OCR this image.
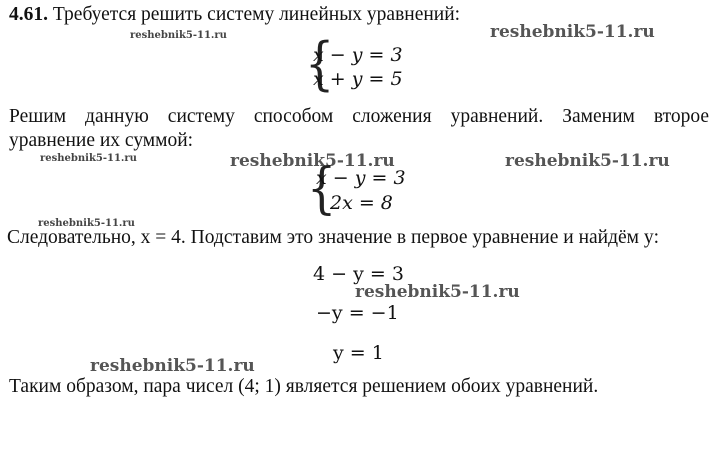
4.61. Требуется решить систему линейных уравнений:
reshebnik5-11.ru	reshebnik5-11.ru
{
x − y = 3
x + y = 5
Решим данную систему способом сложения уравнений. Заменим второе
уравнение их суммой:
reshebnik5-11.ru	reshebnik5-11.ru	reshebnik5-11.ru
{
x − y = 3
2x = 8
reshebnik5-11.ru
Следовательно, x = 4. Подставим это значение в первое уравнение и найдём y:
4 − y = 3
reshebnik5-11.ru
−y = −1
y = 1
reshebnik5-11.ru
Таким образом, пара чисел (4; 1) является решением обоих уравнений.
